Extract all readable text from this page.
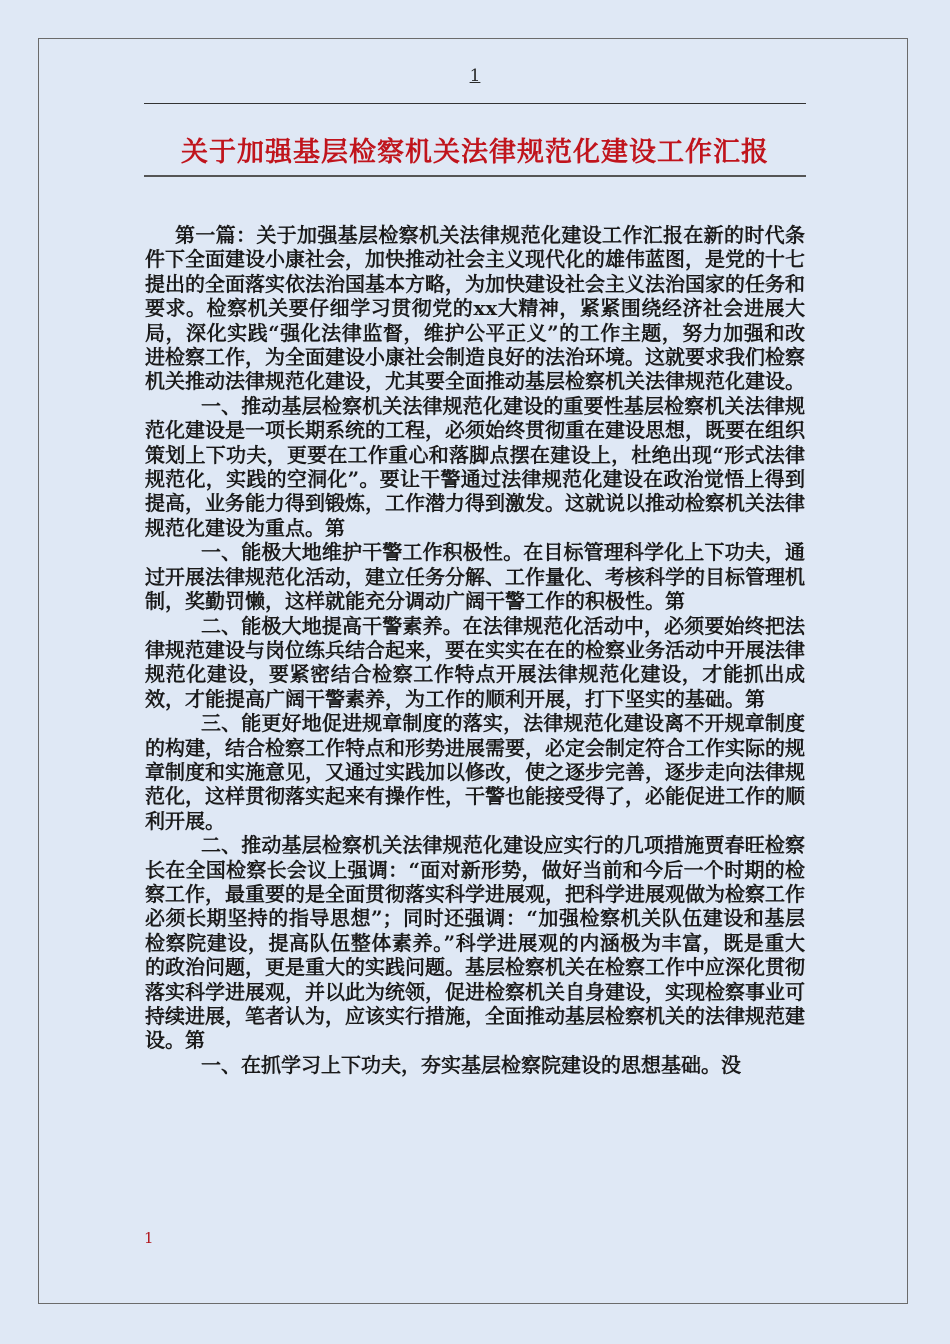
1
关于加强基层检察机关法律规范化建设工作汇报

第一篇：关于加强基层检察机关法律规范化建设工作汇报在新的时代条件下全面建设小康社会，加快推动社会主义现代化的雄伟蓝图，是党的十七提出的全面落实依法治国基本方略，为加快建设社会主义法治国家的任务和要求。检察机关要仔细学习贯彻党的xx大精神，紧紧围绕经济社会进展大局，深化实践“强化法律监督，维护公平正义”的工作主题，努力加强和改进检察工作，为全面建设小康社会制造良好的法治环境。这就要求我们检察机关推动法律规范化建设，尤其要全面推动基层检察机关法律规范化建设。

一、推动基层检察机关法律规范化建设的重要性基层检察机关法律规范化建设是一项长期系统的工程，必须始终贯彻重在建设思想，既要在组织策划上下功夫，更要在工作重心和落脚点摆在建设上，杜绝出现“形式法律规范化，实践的空洞化”。要让干警通过法律规范化建设在政治觉悟上得到提高，业务能力得到锻炼，工作潜力得到激发。这就说以推动检察机关法律规范化建设为重点。第

一、能极大地维护干警工作积极性。在目标管理科学化上下功夫，通过开展法律规范化活动，建立任务分解、工作量化、考核科学的目标管理机制，奖勤罚懒，这样就能充分调动广阔干警工作的积极性。第

二、能极大地提高干警素养。在法律规范化活动中，必须要始终把法律规范建设与岗位练兵结合起来，要在实实在在的检察业务活动中开展法律规范化建设，要紧密结合检察工作特点开展法律规范化建设，才能抓出成效，才能提高广阔干警素养，为工作的顺利开展，打下坚实的基础。第

三、能更好地促进规章制度的落实，法律规范化建设离不开规章制度的构建，结合检察工作特点和形势进展需要，必定会制定符合工作实际的规章制度和实施意见，又通过实践加以修改，使之逐步完善，逐步走向法律规范化，这样贯彻落实起来有操作性，干警也能接受得了，必能促进工作的顺利开展。

二、推动基层检察机关法律规范化建设应实行的几项措施贾春旺检察长在全国检察长会议上强调：“面对新形势，做好当前和今后一个时期的检察工作，最重要的是全面贯彻落实科学进展观，把科学进展观做为检察工作必须长期坚持的指导思想”；同时还强调：“加强检察机关队伍建设和基层检察院建设，提高队伍整体素养。”科学进展观的内涵极为丰富，既是重大的政治问题，更是重大的实践问题。基层检察机关在检察工作中应深化贯彻落实科学进展观，并以此为统领，促进检察机关自身建设，实现检察事业可持续进展，笔者认为，应该实行措施，全面推动基层检察机关的法律规范建设。第

一、在抓学习上下功夫，夯实基层检察院建设的思想基础。没

1
